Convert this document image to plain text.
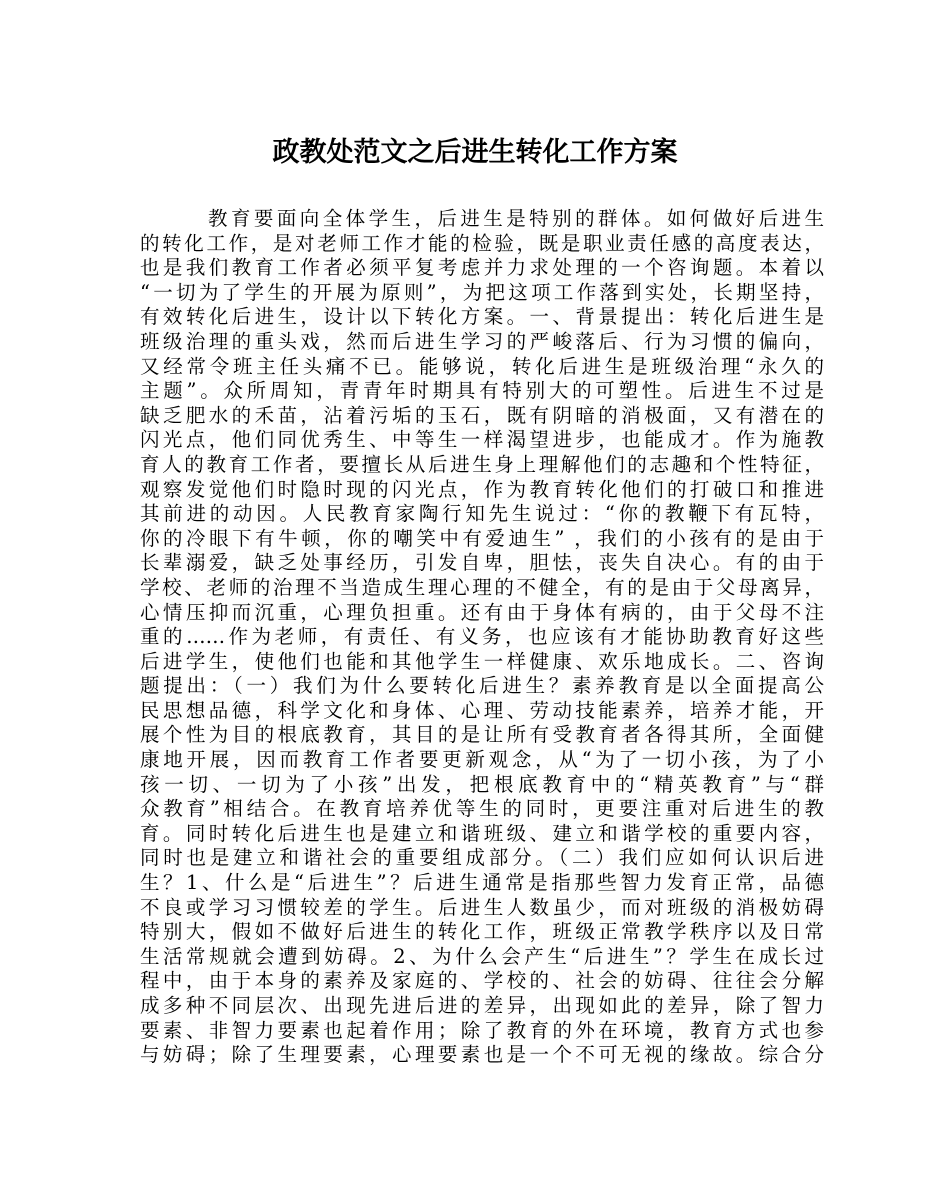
政教处范文之后进生转化工作方案
教育要面向全体学生，后进生是特别的群体。如何做好后进生
的转化工作，是对老师工作才能的检验，既是职业责任感的高度表达，
也是我们教育工作者必须平复考虑并力求处理的一个咨询题。本着以
“一切为了学生的开展为原则”，为把这项工作落到实处，长期坚持，
有效转化后进生，设计以下转化方案。一、背景提出：转化后进生是
班级治理的重头戏，然而后进生学习的严峻落后、行为习惯的偏向，
又经常令班主任头痛不已。能够说，转化后进生是班级治理“永久的
主题”。众所周知，青青年时期具有特别大的可塑性。后进生不过是
缺乏肥水的禾苗，沾着污垢的玉石，既有阴暗的消极面，又有潜在的
闪光点，他们同优秀生、中等生一样渴望进步，也能成才。作为施教
育人的教育工作者，要擅长从后进生身上理解他们的志趣和个性特征，
观察发觉他们时隐时现的闪光点，作为教育转化他们的打破口和推进
其前进的动因。人民教育家陶行知先生说过：“你的教鞭下有瓦特，
你的冷眼下有牛顿，你的嘲笑中有爱迪生” ，我们的小孩有的是由于
长辈溺爱，缺乏处事经历，引发自卑，胆怯，丧失自决心。有的由于
学校、老师的治理不当造成生理心理的不健全，有的是由于父母离异，
心情压抑而沉重，心理负担重。还有由于身体有病的，由于父母不注
重的……作为老师，有责任、有义务，也应该有才能协助教育好这些
后进学生，使他们也能和其他学生一样健康、欢乐地成长。二、咨询
题提出：（一）我们为什么要转化后进生？素养教育是以全面提高公
民思想品德，科学文化和身体、心理、劳动技能素养，培养才能，开
展个性为目的根底教育，其目的是让所有受教育者各得其所，全面健
康地开展，因而教育工作者要更新观念，从“为了一切小孩，为了小
孩一切、一切为了小孩”出发，把根底教育中的“精英教育”与“群
众教育”相结合。在教育培养优等生的同时，更要注重对后进生的教
育。同时转化后进生也是建立和谐班级、建立和谐学校的重要内容，
同时也是建立和谐社会的重要组成部分。（二）我们应如何认识后进
生？1、什么是“后进生”？后进生通常是指那些智力发育正常，品德
不良或学习习惯较差的学生。后进生人数虽少，而对班级的消极妨碍
特别大，假如不做好后进生的转化工作，班级正常教学秩序以及日常
生活常规就会遭到妨碍。2、为什么会产生“后进生”？学生在成长过
程中，由于本身的素养及家庭的、学校的、社会的妨碍、往往会分解
成多种不同层次、出现先进后进的差异，出现如此的差异，除了智力
要素、非智力要素也起着作用；除了教育的外在环境，教育方式也参
与妨碍；除了生理要素，心理要素也是一个不可无视的缘故。综合分
